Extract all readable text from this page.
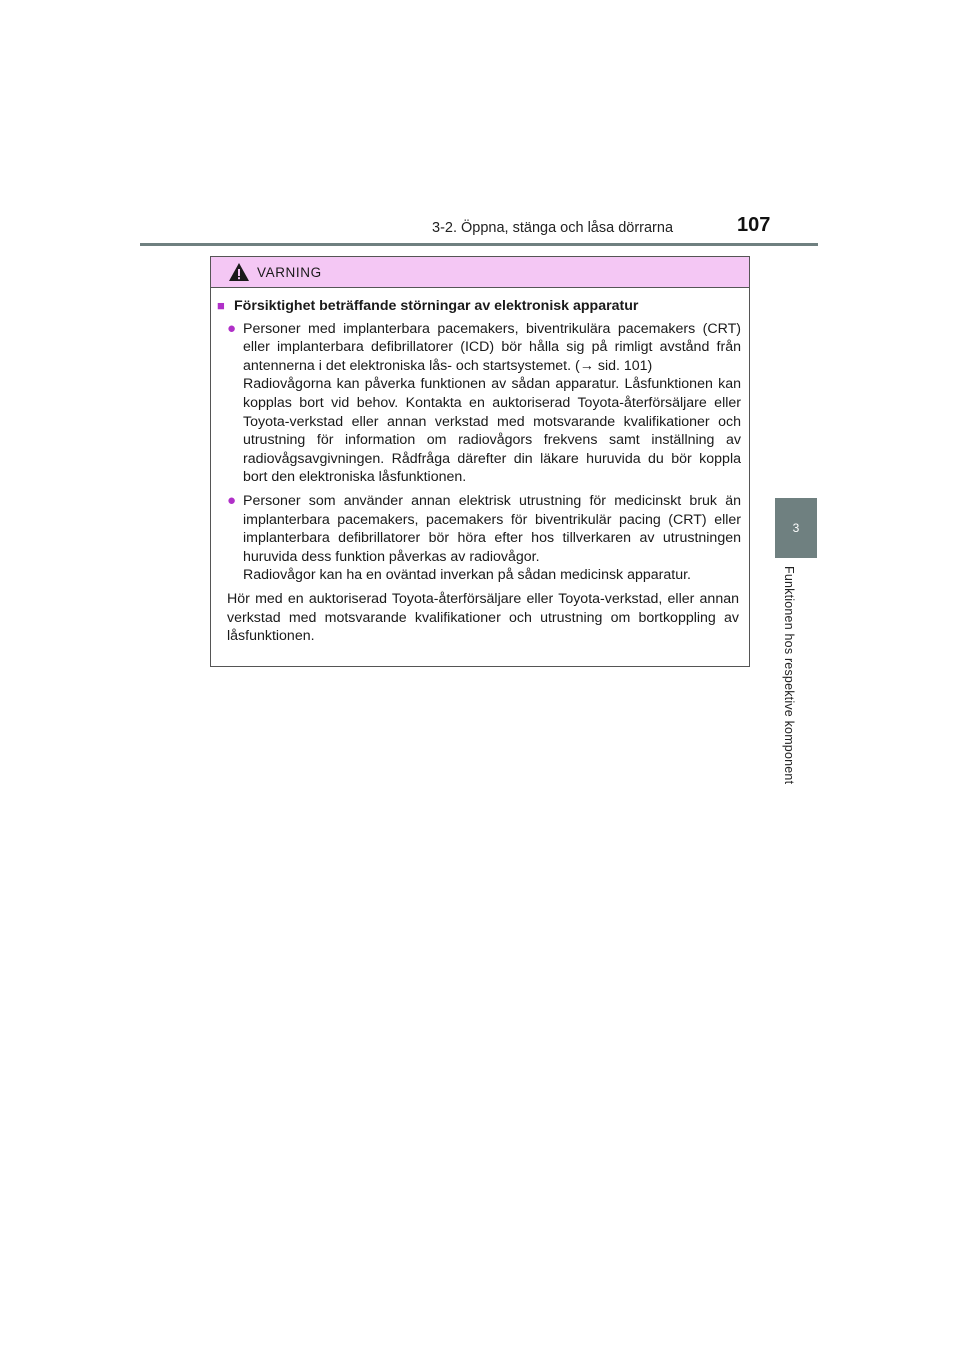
3-2. Öppna, stänga och låsa dörrarna	107
3
Funktionen hos respektive komponent
VARNING
■ Försiktighet beträffande störningar av elektronisk apparatur
● Personer med implanterbara pacemakers, biventrikulära pacemakers (CRT) eller implanterbara defibrillatorer (ICD) bör hålla sig på rimligt avstånd från antennerna i det elektroniska lås- och startsystemet. (→ sid. 101)

Radiovågorna kan påverka funktionen av sådan apparatur. Låsfunktionen kan kopplas bort vid behov. Kontakta en auktoriserad Toyota-återförsäljare eller Toyota-verkstad eller annan verkstad med motsvarande kvalifikationer och utrustning för information om radiovågors frekvens samt inställning av radiovågsavgivningen. Rådfråga därefter din läkare huruvida du bör koppla bort den elektroniska låsfunktionen.

● Personer som använder annan elektrisk utrustning för medicinskt bruk än implanterbara pacemakers, pacemakers för biventrikulär pacing (CRT) eller implanterbara defibrillatorer bör höra efter hos tillverkaren av utrustningen huruvida dess funktion påverkas av radiovågor.

Radiovågor kan ha en oväntad inverkan på sådan medicinsk apparatur.

Hör med en auktoriserad Toyota-återförsäljare eller Toyota-verkstad, eller annan verkstad med motsvarande kvalifikationer och utrustning om bortkoppling av låsfunktionen.
